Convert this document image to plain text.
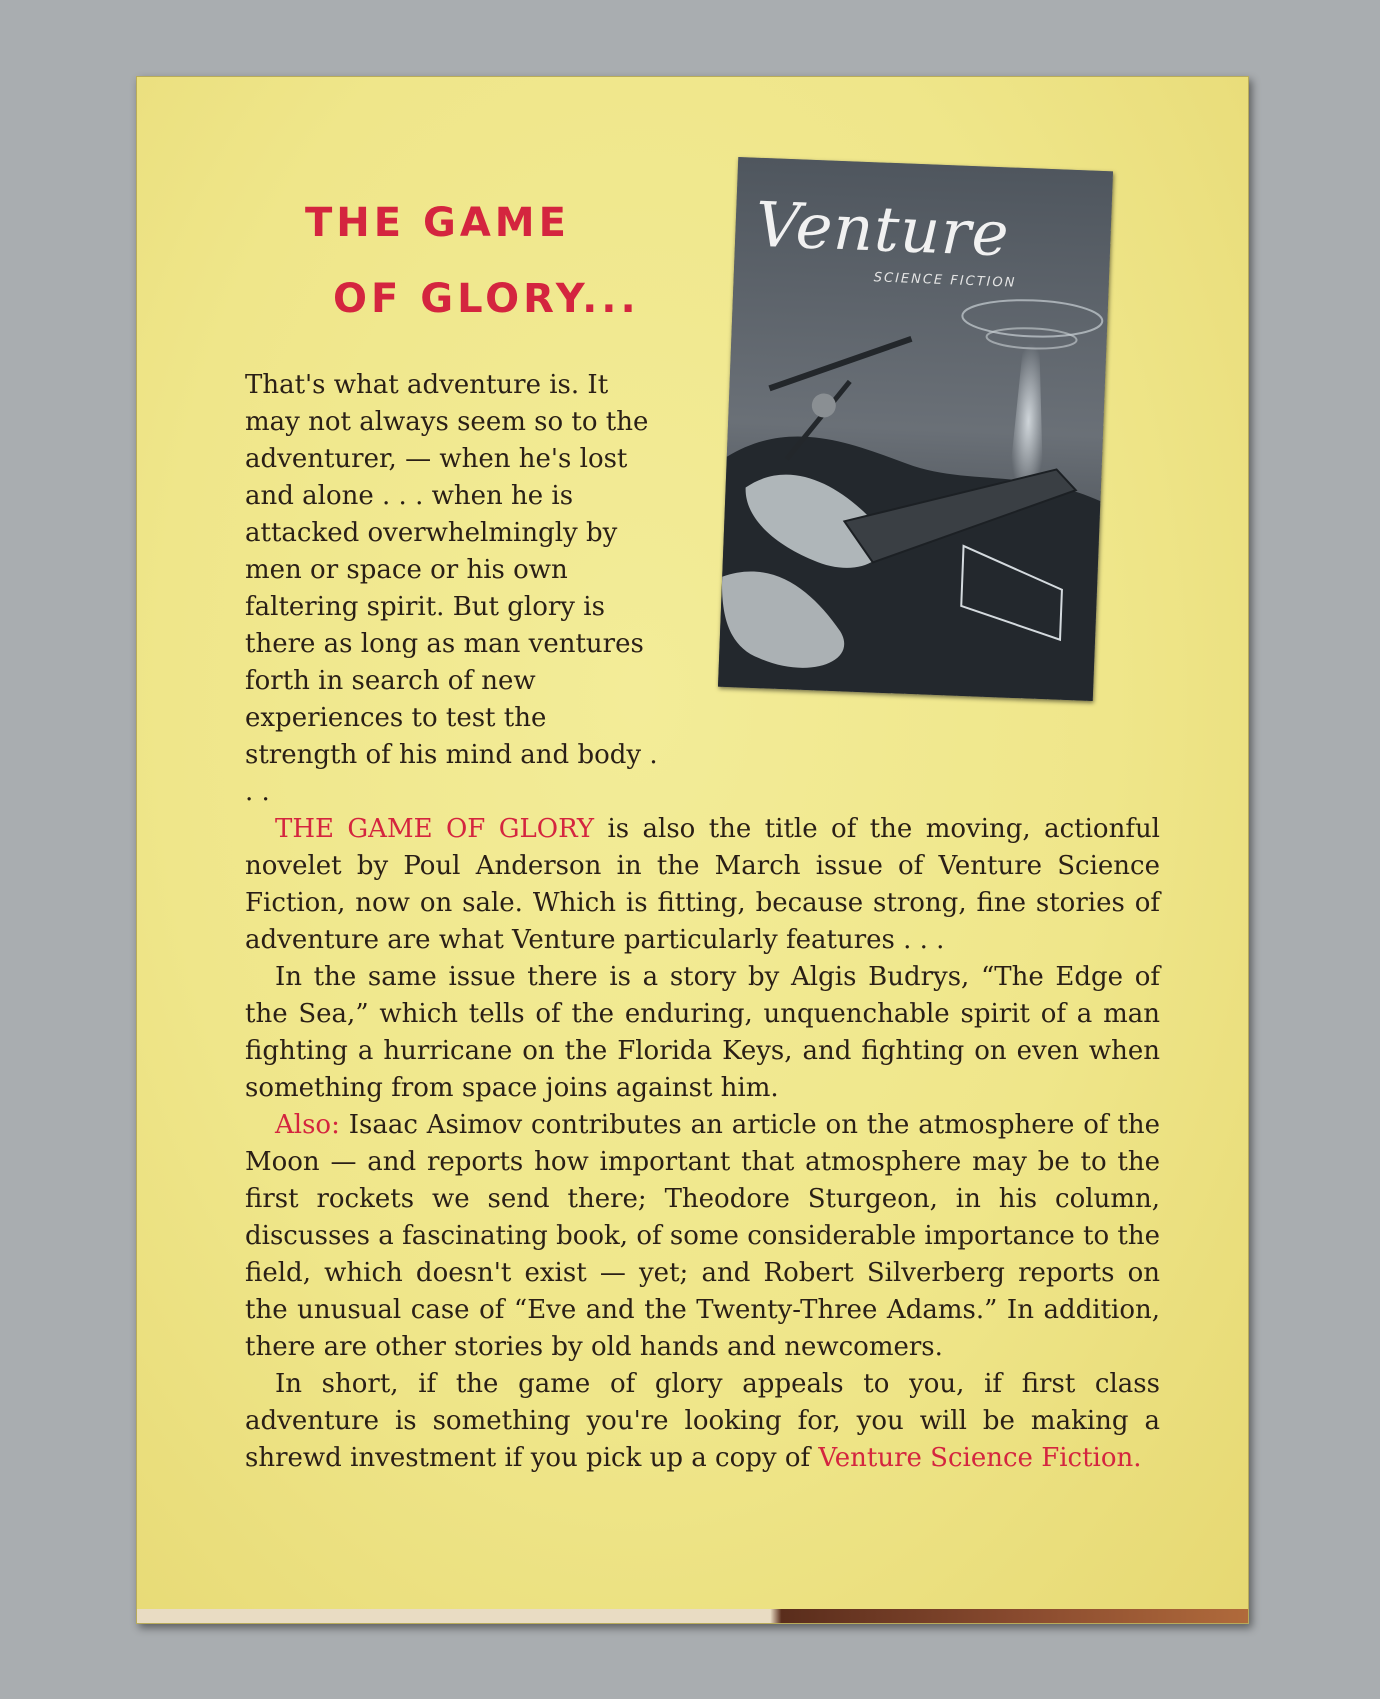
THE GAME
OF GLORY...
Venture
SCIENCE FICTION

That's what adventure is. It may not always seem so to the adventurer, — when he's lost and alone . . . when he is attacked overwhelmingly by men or space or his own faltering spirit. But glory is there as long as man ventures forth in search of new experiences to test the strength of his mind and body . . .

THE GAME OF GLORY is also the title of the moving, actionful novelet by Poul Anderson in the March issue of Venture Science Fiction, now on sale. Which is fitting, because strong, fine stories of adventure are what Venture particularly features . . .

In the same issue there is a story by Algis Budrys, “The Edge of the Sea,” which tells of the enduring, unquenchable spirit of a man fighting a hurricane on the Florida Keys, and fighting on even when something from space joins against him.

Also: Isaac Asimov contributes an article on the atmosphere of the Moon — and reports how important that atmosphere may be to the first rockets we send there; Theodore Sturgeon, in his column, discusses a fascinating book, of some considerable importance to the field, which doesn't exist — yet; and Robert Silverberg reports on the unusual case of “Eve and the Twenty-Three Adams.” In addition, there are other stories by old hands and newcomers.

In short, if the game of glory appeals to you, if first class adventure is something you're looking for, you will be making a shrewd investment if you pick up a copy of Venture Science Fiction.
